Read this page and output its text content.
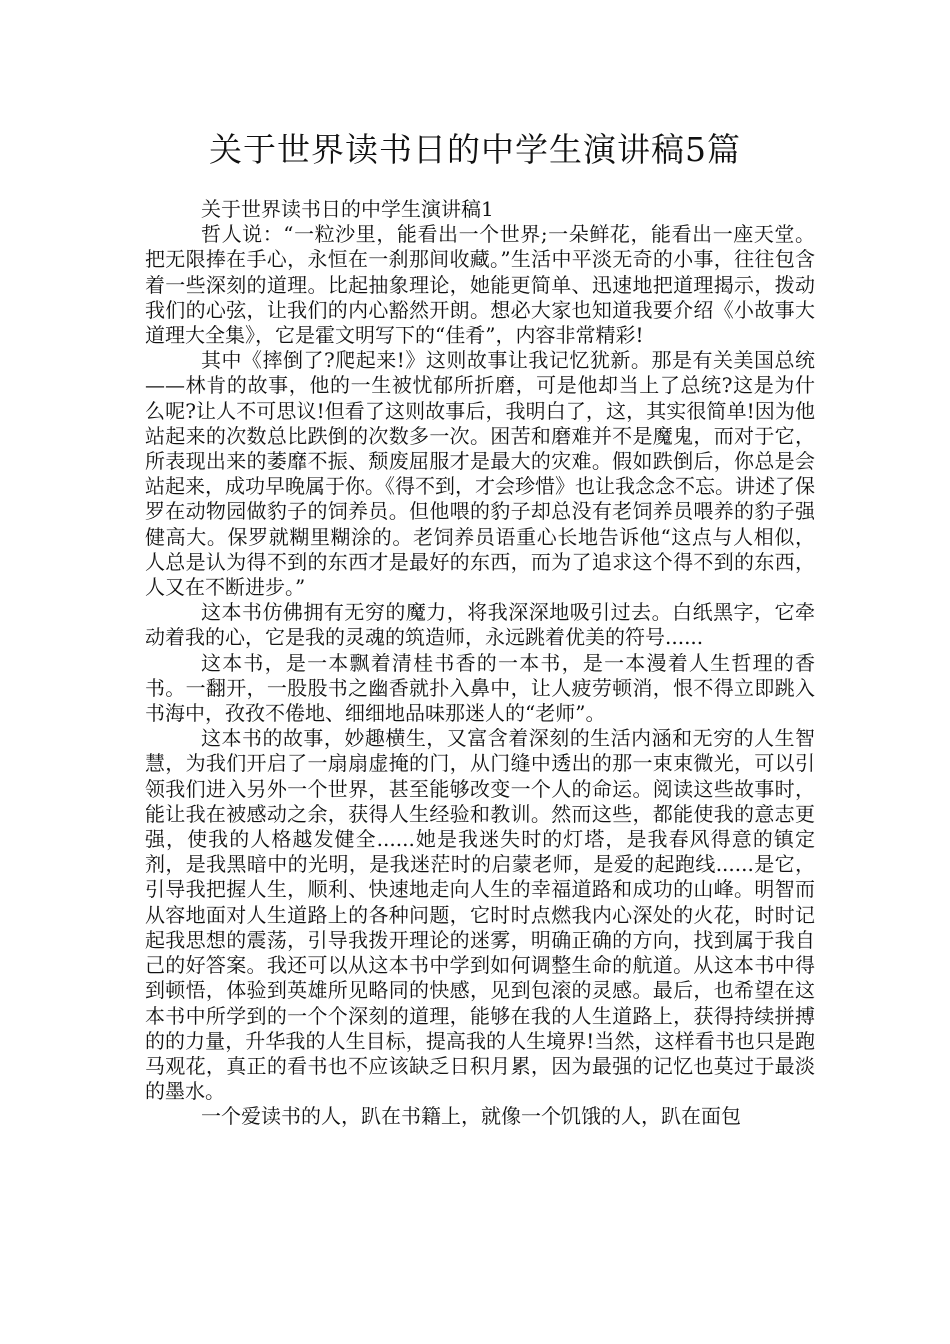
关于世界读书日的中学生演讲稿5篇

关于世界读书日的中学生演讲稿1

哲人说：“一粒沙里，能看出一个世界;一朵鲜花，能看出一座天堂。把无限捧在手心，永恒在一刹那间收藏。”生活中平淡无奇的小事，往往包含着一些深刻的道理。比起抽象理论，她能更简单、迅速地把道理揭示，拨动我们的心弦，让我们的内心豁然开朗。想必大家也知道我要介绍《小故事大道理大全集》，它是霍文明写下的“佳肴”，内容非常精彩!

其中《摔倒了?爬起来!》这则故事让我记忆犹新。那是有关美国总统——林肯的故事，他的一生被忧郁所折磨，可是他却当上了总统?这是为什么呢?让人不可思议!但看了这则故事后，我明白了，这，其实很简单!因为他站起来的次数总比跌倒的次数多一次。困苦和磨难并不是魔鬼，而对于它，所表现出来的萎靡不振、颓废屈服才是最大的灾难。假如跌倒后，你总是会站起来，成功早晚属于你。《得不到，才会珍惜》也让我念念不忘。讲述了保罗在动物园做豹子的饲养员。但他喂的豹子却总没有老饲养员喂养的豹子强健高大。保罗就糊里糊涂的。老饲养员语重心长地告诉他“这点与人相似，人总是认为得不到的东西才是最好的东西，而为了追求这个得不到的东西，人又在不断进步。”

这本书仿佛拥有无穷的魔力，将我深深地吸引过去。白纸黑字，它牵动着我的心，它是我的灵魂的筑造师，永远跳着优美的符号......

这本书，是一本飘着清桂书香的一本书，是一本漫着人生哲理的香书。一翻开，一股股书之幽香就扑入鼻中，让人疲劳顿消，恨不得立即跳入书海中，孜孜不倦地、细细地品味那迷人的“老师”。

这本书的故事，妙趣横生，又富含着深刻的生活内涵和无穷的人生智慧，为我们开启了一扇扇虚掩的门，从门缝中透出的那一束束微光，可以引领我们进入另外一个世界，甚至能够改变一个人的命运。阅读这些故事时，能让我在被感动之余，获得人生经验和教训。然而这些，都能使我的意志更强，使我的人格越发健全......她是我迷失时的灯塔，是我春风得意的镇定剂，是我黑暗中的光明，是我迷茫时的启蒙老师，是爱的起跑线......是它，引导我把握人生，顺利、快速地走向人生的幸福道路和成功的山峰。明智而从容地面对人生道路上的各种问题，它时时点燃我内心深处的火花，时时记起我思想的震荡，引导我拨开理论的迷雾，明确正确的方向，找到属于我自己的好答案。我还可以从这本书中学到如何调整生命的航道。从这本书中得到顿悟，体验到英雄所见略同的快感，见到包滚的灵感。最后，也希望在这本书中所学到的一个个深刻的道理，能够在我的人生道路上，获得持续拼搏的的力量，升华我的人生目标，提高我的人生境界!当然，这样看书也只是跑马观花，真正的看书也不应该缺乏日积月累，因为最强的记忆也莫过于最淡的墨水。

一个爱读书的人，趴在书籍上，就像一个饥饿的人，趴在面包
